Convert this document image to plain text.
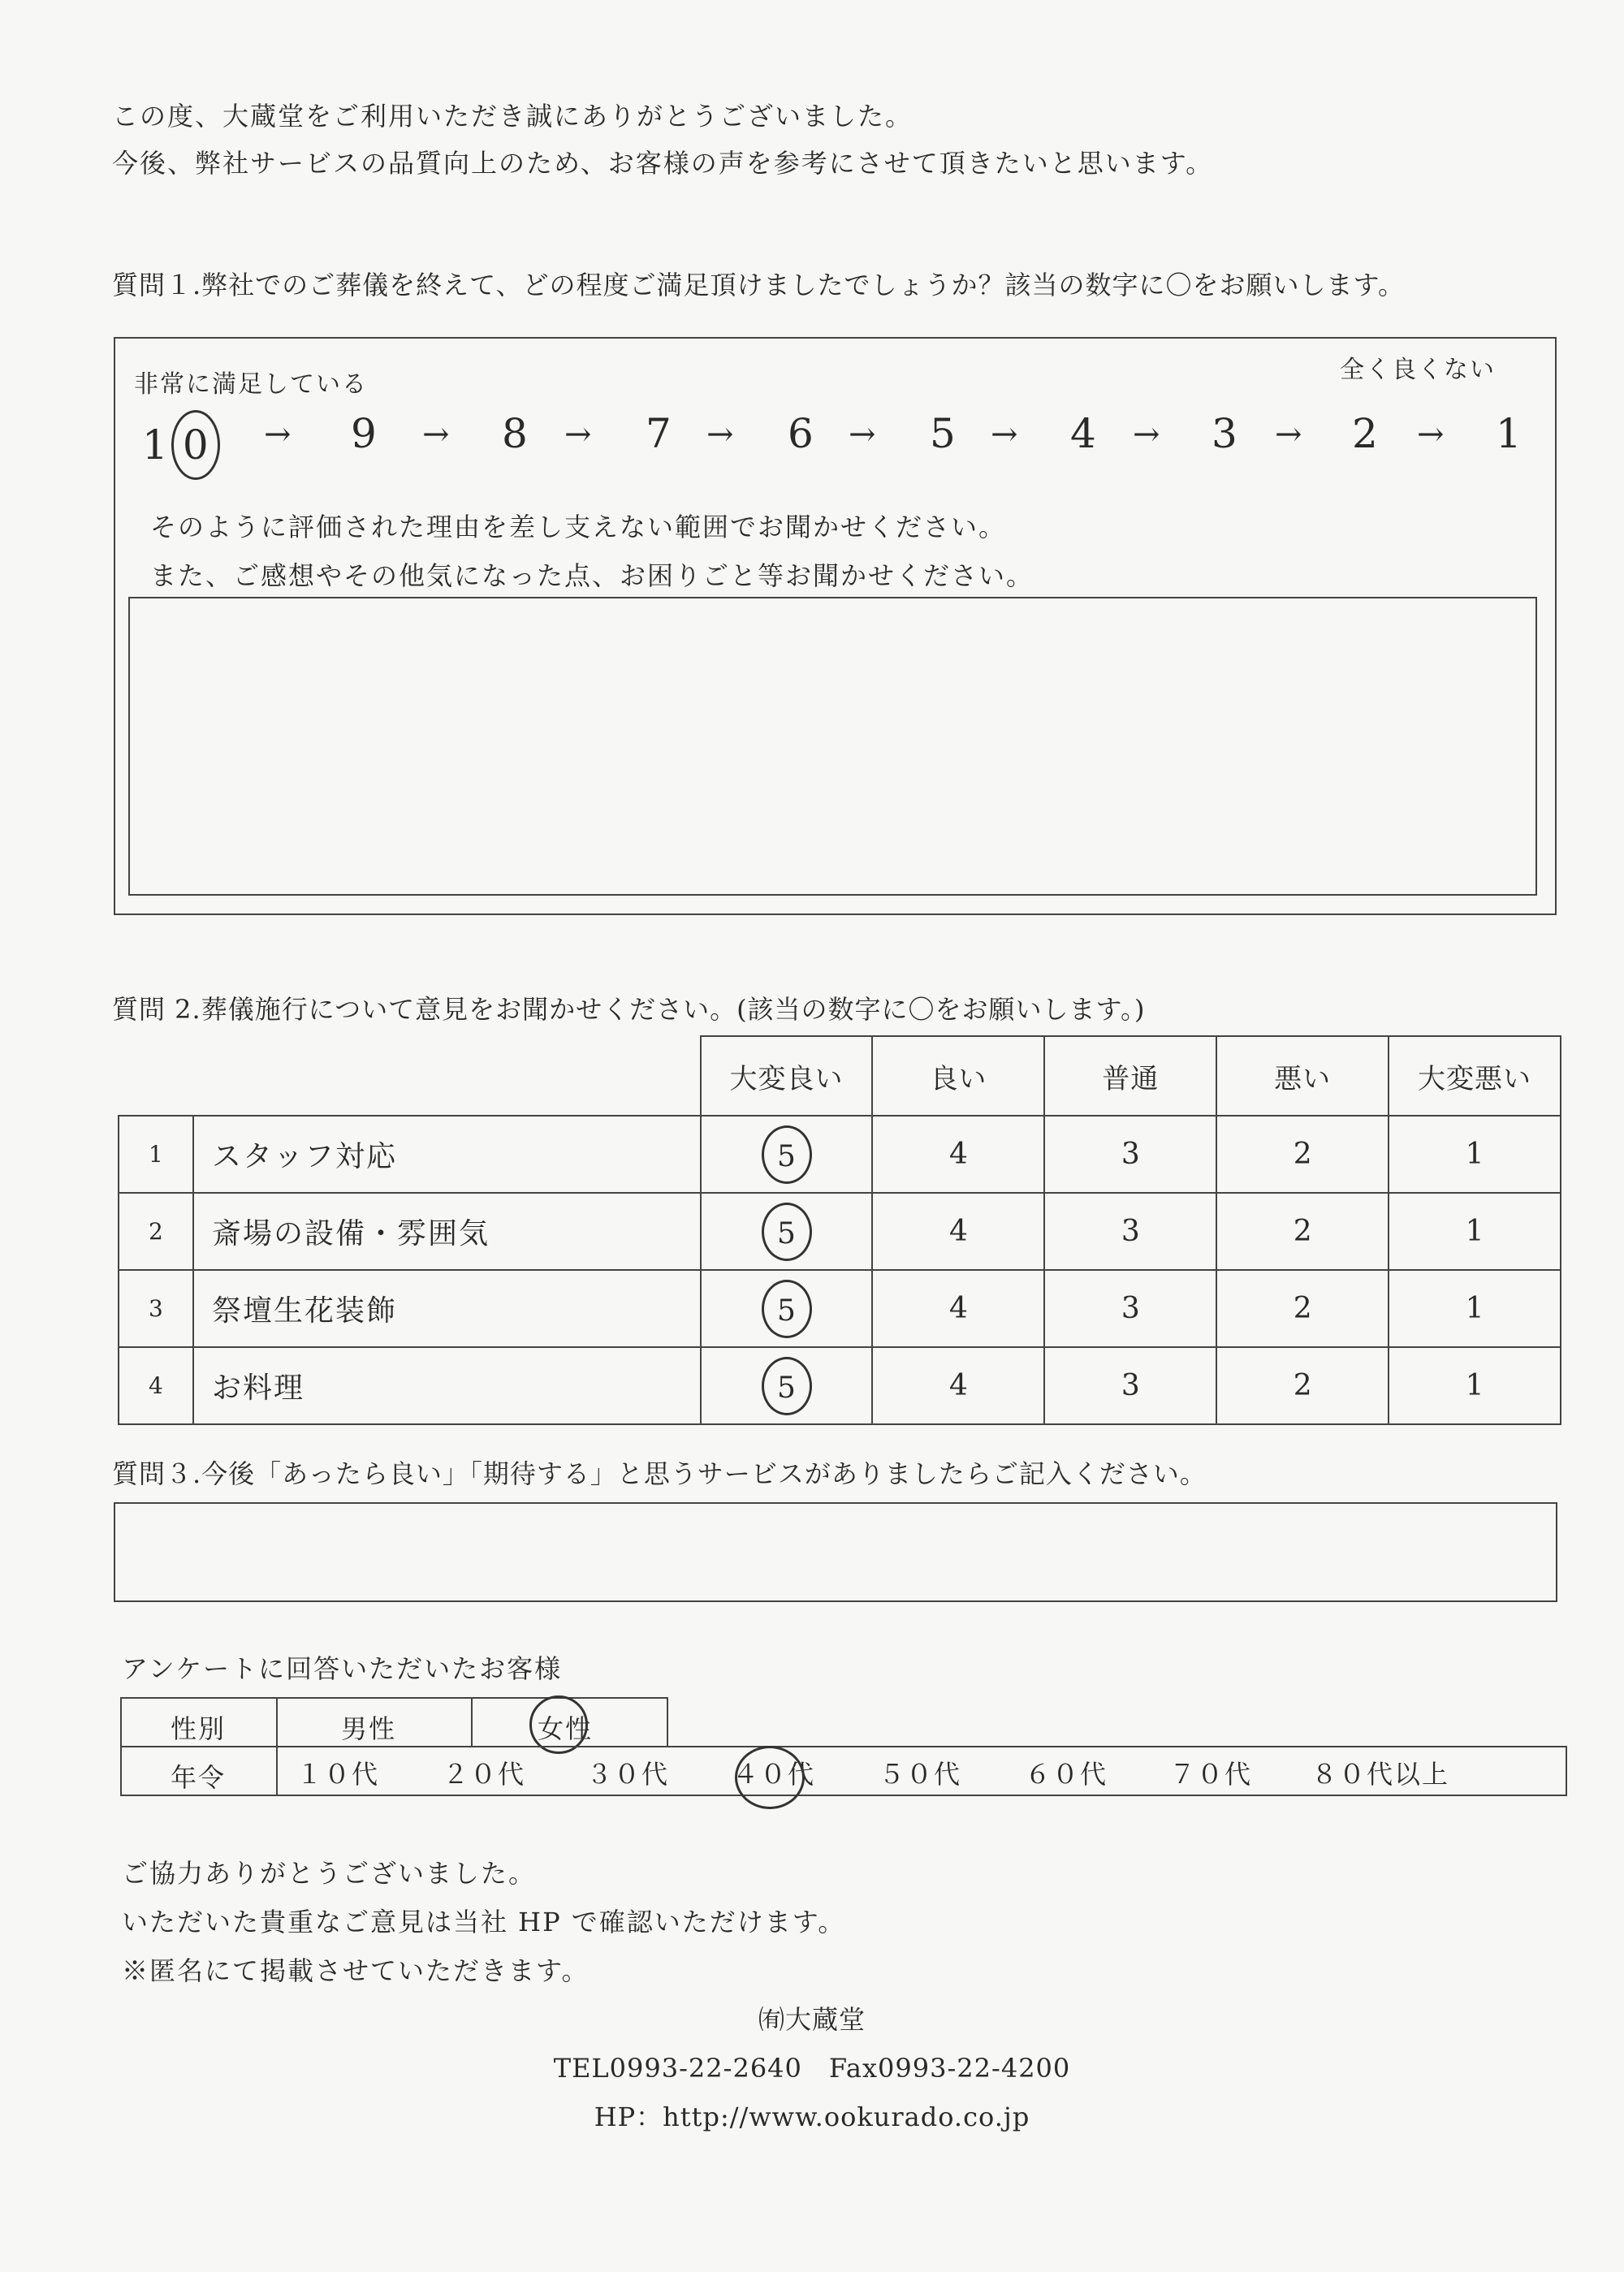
この度、大蔵堂をご利用いただき誠にありがとうございました。
今後、弊社サービスの品質向上のため、お客様の声を参考にさせて頂きたいと思います。
質問１.弊社でのご葬儀を終えて、どの程度ご満足頂けましたでしょうか？該当の数字に〇をお願いします。
非常に満足している
全く良くない
10	→ 9 → 8 → 7 → 6 → 5 → 4 → 3 → 2 → 1
そのように評価された理由を差し支えない範囲でお聞かせください。
また、ご感想やその他気になった点、お困りごと等お聞かせください。
質問 2.葬儀施行について意見をお聞かせください。(該当の数字に〇をお願いします。)
		大変良い	良い	普通	悪い	大変悪い
1	スタッフ対応	5	4	3	2	1
2	斎場の設備・雰囲気	5	4	3	2	1
3	祭壇生花装飾	5	4	3	2	1
4	お料理	5	4	3	2	1
質問３.今後「あったら良い」「期待する」と思うサービスがありましたらご記入ください。
アンケートに回答いただいたお客様
性別	男性	女性
年令	１０代 ２０代 ３０代 ４０代 ５０代 ６０代 ７０代 ８０代以上
ご協力ありがとうございました。
いただいた貴重なご意見は当社 HP で確認いただけます。
※匿名にて掲載させていただきます。
㈲大蔵堂
TEL0993-22-2640　Fax0993-22-4200
HP：http://www.ookurado.co.jp
